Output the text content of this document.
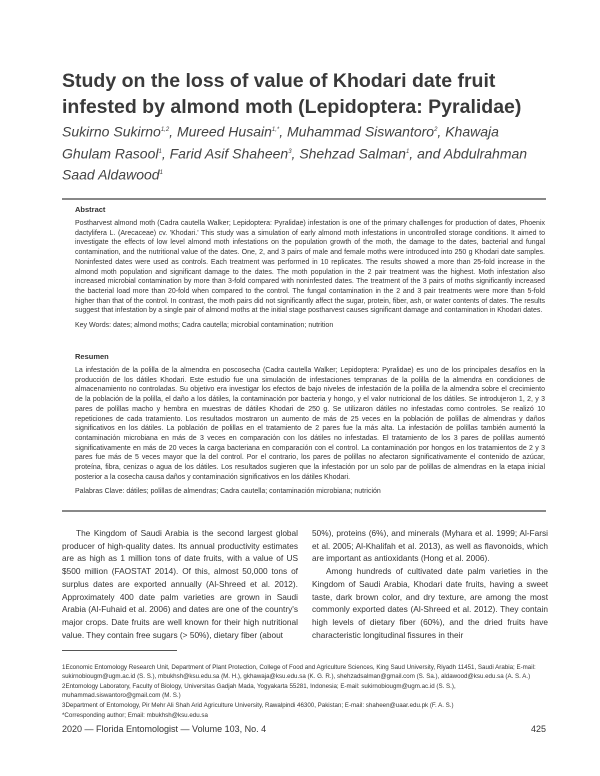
Study on the loss of value of Khodari date fruit infested by almond moth (Lepidoptera: Pyralidae)
Sukirno Sukirno$^{1,2}$, Mureed Husain$^{1,*}$, Muhammad Siswantoro$^2$, Khawaja Ghulam Rasool$^1$, Farid Asif Shaheen$^3$, Shehzad Salman$^1$, and Abdulrahman Saad Aldawood$^1$
Abstract
Postharvest almond moth (Cadra cautella Walker; Lepidoptera: Pyralidae) infestation is one of the primary challenges for production of dates, Phoenix dactylifera L. (Arecaceae) cv. 'Khodari.' This study was a simulation of early almond moth infestations in uncontrolled storage conditions. It aimed to investigate the effects of low level almond moth infestations on the population growth of the moth, the damage to the dates, bacterial and fungal contamination, and the nutritional value of the dates. One, 2, and 3 pairs of male and female moths were introduced into 250 g Khodari date samples. Noninfested dates were used as controls. Each treatment was performed in 10 replicates. The results showed a more than 25-fold increase in the almond moth population and significant damage to the dates. The moth population in the 2 pair treatment was the highest. Moth infestation also increased microbial contamination by more than 3-fold compared with noninfested dates. The treatment of the 3 pairs of moths significantly increased the bacterial load more than 20-fold when compared to the control. The fungal contamination in the 2 and 3 pair treatments were more than 5-fold higher than that of the control. In contrast, the moth pairs did not significantly affect the sugar, protein, fiber, ash, or water contents of dates. The results suggest that infestation by a single pair of almond moths at the initial stage postharvest causes significant damage and contamination in Khodari dates.
Key Words: dates; almond moths; Cadra cautella; microbial contamination; nutrition
Resumen
La infestación de la polilla de la almendra en poscosecha (Cadra cautella Walker; Lepidoptera: Pyralidae) es uno de los principales desafíos en la producción de los dátiles Khodari. Este estudio fue una simulación de infestaciones tempranas de la polilla de la almendra en condiciones de almacenamiento no controladas. Su objetivo era investigar los efectos de bajo niveles de infestación de la polilla de la almendra sobre el crecimiento de la población de la polilla, el daño a los dátiles, la contaminación por bacteria y hongo, y el valor nutricional de los dátiles. Se introdujeron 1, 2, y 3 pares de polillas macho y hembra en muestras de dátiles Khodari de 250 g. Se utilizaron dátiles no infestadas como controles. Se realizó 10 repeticiones de cada tratamiento. Los resultados mostraron un aumento de más de 25 veces en la población de polillas de almendras y daños significativos en los dátiles. La población de polillas en el tratamiento de 2 pares fue la más alta. La infestación de polillas también aumentó la contaminación microbiana en más de 3 veces en comparación con los dátiles no infestadas. El tratamiento de los 3 pares de polillas aumentó significativamente en más de 20 veces la carga bacteriana en comparación con el control. La contaminación por hongos en los tratamientos de 2 y 3 pares fue más de 5 veces mayor que la del control. Por el contrario, los pares de polillas no afectaron significativamente el contenido de azúcar, proteína, fibra, cenizas o agua de los dátiles. Los resultados sugieren que la infestación por un solo par de polillas de almendras en la etapa inicial posterior a la cosecha causa daños y contaminación significativos en los dátiles Khodari.
Palabras Clave: dátiles; polillas de almendras; Cadra cautella; contaminación microbiana; nutrición

The Kingdom of Saudi Arabia is the second largest global producer of high-quality dates. Its annual productivity estimates are as high as 1 million tons of date fruits, with a value of US $500 million (FAOSTAT 2014). Of this, almost 50,000 tons of surplus dates are exported annually (Al-Shreed et al. 2012). Approximately 400 date palm varieties are grown in Saudi Arabia (Al-Fuhaid et al. 2006) and dates are one of the country's major crops. Date fruits are well known for their high nutritional value. They contain free sugars (> 50%), dietary fiber (about

50%), proteins (6%), and minerals (Myhara et al. 1999; Al-Farsi et al. 2005; Al-Khalifah et al. 2013), as well as flavonoids, which are important as antioxidants (Hong et al. 2006).

Among hundreds of cultivated date palm varieties in the Kingdom of Saudi Arabia, Khodari date fruits, having a sweet taste, dark brown color, and dry texture, are among the most commonly exported dates (Al-Shreed et al. 2012). They contain high levels of dietary fiber (60%), and the dried fruits have characteristic longitudinal fissures in their

1Economic Entomology Research Unit, Department of Plant Protection, College of Food and Agriculture Sciences, King Saud University, Riyadh 11451, Saudi Arabia; E-mail: sukirnobiougm@ugm.ac.id (S. S.), mbukhsh@ksu.edu.sa (M. H.), gkhawaja@ksu.edu.sa (K. G. R.), shehzadsalman@gmail.com (S. Sa.), aldawood@ksu.edu.sa (A. S. A.)

2Entomology Laboratory, Faculty of Biology, Universitas Gadjah Mada, Yogyakarta 55281, Indonesia; E-mail: sukirnobiougm@ugm.ac.id (S. S.), muhammad.siswantoro@gmail.com (M. S.)

3Department of Entomology, Pir Mehr Ali Shah Arid Agriculture University, Rawalpindi 46300, Pakistan; E-mail: shaheen@uaar.edu.pk (F. A. S.)

*Corresponding author; Email: mbukhsh@ksu.edu.sa

2020 — Florida Entomologist — Volume 103, No. 4	425
